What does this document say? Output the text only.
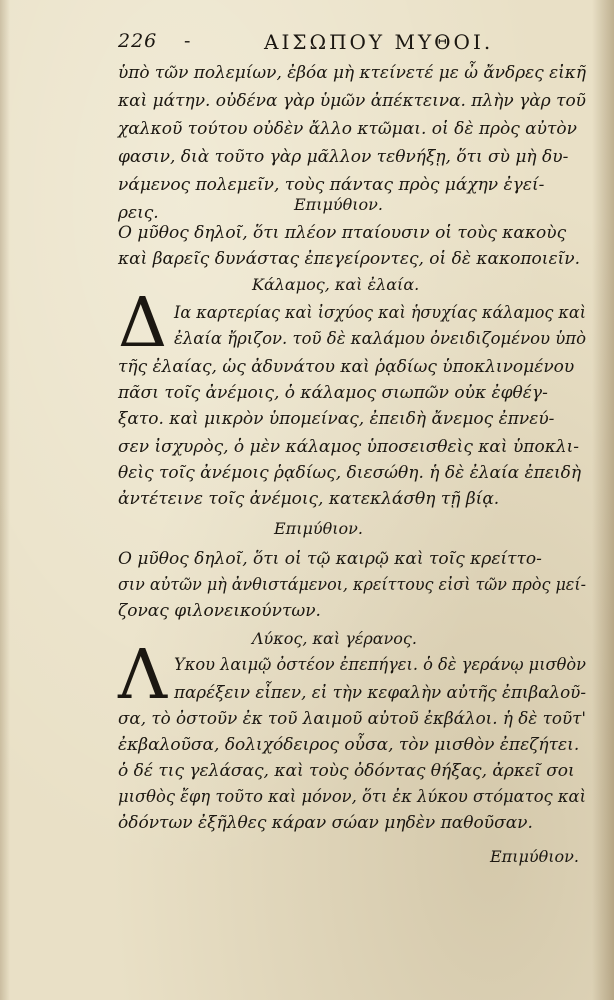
226 -	ΑΙΣΩΠΟΥ ΜΥΘΟΙ.
ὑπὸ τῶν πολεμίων, ἐβόα μὴ κτείνετέ με ὦ ἄνδρες εἰκῆ
καὶ μάτην. οὐδένα γὰρ ὑμῶν ἀπέκτεινα. πλὴν γὰρ τοῦ
χαλκοῦ τούτου οὐδὲν ἄλλο κτῶμαι. οἱ δὲ πρὸς αὐτὸν
φασιν, διὰ τοῦτο γὰρ μᾶλλον τεθνήξῃ, ὅτι σὺ μὴ δυ-
νάμενος πολεμεῖν, τοὺς πάντας πρὸς μάχην ἐγεί-
ρεις.	Επιμύθιον.
Ο μῦθος δηλοῖ, ὅτι πλέον πταίουσιν οἱ τοὺς κακοὺς
καὶ βαρεῖς δυνάστας ἐπεγείροντες, οἱ δὲ κακοποιεῖν.
Κάλαμος, καὶ ἐλαία.
Δ Ια καρτερίας καὶ ἰσχύος καὶ ἡσυχίας κάλαμος καὶ
ἐλαία ἤριζον. τοῦ δὲ καλάμου ὀνειδιζομένου ὑπὸ
τῆς ἐλαίας, ὡς ἀδυνάτου καὶ ῥᾳδίως ὑποκλινομένου
πᾶσι τοῖς ἀνέμοις, ὁ κάλαμος σιωπῶν οὐκ ἐφθέγ-
ξατο. καὶ μικρὸν ὑπομείνας, ἐπειδὴ ἄνεμος ἐπνεύ-
σεν ἰσχυρὸς, ὁ μὲν κάλαμος ὑποσεισθεὶς καὶ ὑποκλι-
θεὶς τοῖς ἀνέμοις ῥᾳδίως, διεσώθη. ἡ δὲ ἐλαία ἐπειδὴ
ἀντέτεινε τοῖς ἀνέμοις, κατεκλάσθη τῇ βίᾳ.
Επιμύθιον.
Ο μῦθος δηλοῖ, ὅτι οἱ τῷ καιρῷ καὶ τοῖς κρείττο-
σιν αὐτῶν μὴ ἀνθιστάμενοι, κρείττους εἰσὶ τῶν πρὸς μεί-
ζονας φιλονεικούντων.
Λύκος, καὶ γέρανος.
Λ Υκου λαιμῷ ὀστέον ἐπεπήγει. ὁ δὲ γεράνῳ μισθὸν
παρέξειν εἶπεν, εἰ τὴν κεφαλὴν αὐτῆς ἐπιβαλοῦ-
σα, τὸ ὀστοῦν ἐκ τοῦ λαιμοῦ αὐτοῦ ἐκβάλοι. ἡ δὲ τοῦτ'
ἐκβαλοῦσα, δολιχόδειρος οὖσα, τὸν μισθὸν ἐπεζήτει.
ὁ δέ τις γελάσας, καὶ τοὺς ὀδόντας θήξας, ἀρκεῖ σοι
μισθὸς ἔφη τοῦτο καὶ μόνον, ὅτι ἐκ λύκου στόματος καὶ
ὀδόντων ἐξῆλθες κάραν σώαν μηδὲν παθοῦσαν.
Επιμύθιον.
